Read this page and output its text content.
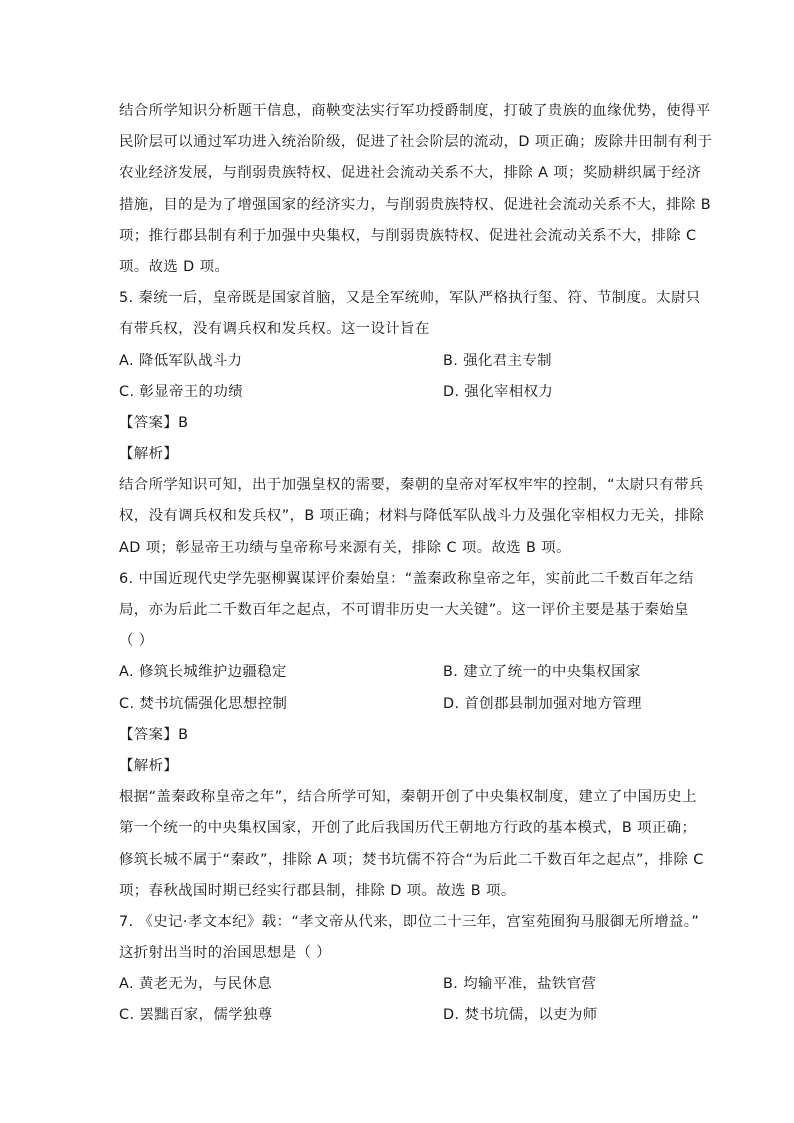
结合所学知识分析题干信息，商鞅变法实行军功授爵制度，打破了贵族的血缘优势，使得平
民阶层可以通过军功进入统治阶级，促进了社会阶层的流动，D 项正确；废除井田制有利于
农业经济发展，与削弱贵族特权、促进社会流动关系不大，排除 A 项；奖励耕织属于经济
措施，目的是为了增强国家的经济实力，与削弱贵族特权、促进社会流动关系不大，排除 B
项；推行郡县制有利于加强中央集权，与削弱贵族特权、促进社会流动关系不大，排除 C
项。故选 D 项。
5. 秦统一后，皇帝既是国家首脑，又是全军统帅，军队严格执行玺、符、节制度。太尉只
有带兵权，没有调兵权和发兵权。这一设计旨在
A. 降低军队战斗力	B. 强化君主专制
C. 彰显帝王的功绩	D. 强化宰相权力
【答案】B
【解析】
结合所学知识可知，出于加强皇权的需要，秦朝的皇帝对军权牢牢的控制，“太尉只有带兵
权，没有调兵权和发兵权”，B 项正确；材料与降低军队战斗力及强化宰相权力无关，排除
AD 项；彰显帝王功绩与皇帝称号来源有关，排除 C 项。故选 B 项。
6. 中国近现代史学先驱柳翼谋评价秦始皇：“盖秦政称皇帝之年，实前此二千数百年之结
局，亦为后此二千数百年之起点，不可谓非历史一大关键”。这一评价主要是基于秦始皇
（ ）
A. 修筑长城维护边疆稳定	B. 建立了统一的中央集权国家
C. 焚书坑儒强化思想控制	D. 首创郡县制加强对地方管理
【答案】B
【解析】
根据“盖秦政称皇帝之年”，结合所学可知，秦朝开创了中央集权制度，建立了中国历史上
第一个统一的中央集权国家，开创了此后我国历代王朝地方行政的基本模式，B 项正确；
修筑长城不属于“秦政”，排除 A 项；焚书坑儒不符合“为后此二千数百年之起点”，排除 C
项；春秋战国时期已经实行郡县制，排除 D 项。故选 B 项。
7. 《史记·孝文本纪》载：“孝文帝从代来，即位二十三年，宫室苑囿狗马服御无所增益。”
这折射出当时的治国思想是（ ）
A. 黄老无为，与民休息	B. 均输平准，盐铁官营
C. 罢黜百家，儒学独尊	D. 焚书坑儒，以吏为师
